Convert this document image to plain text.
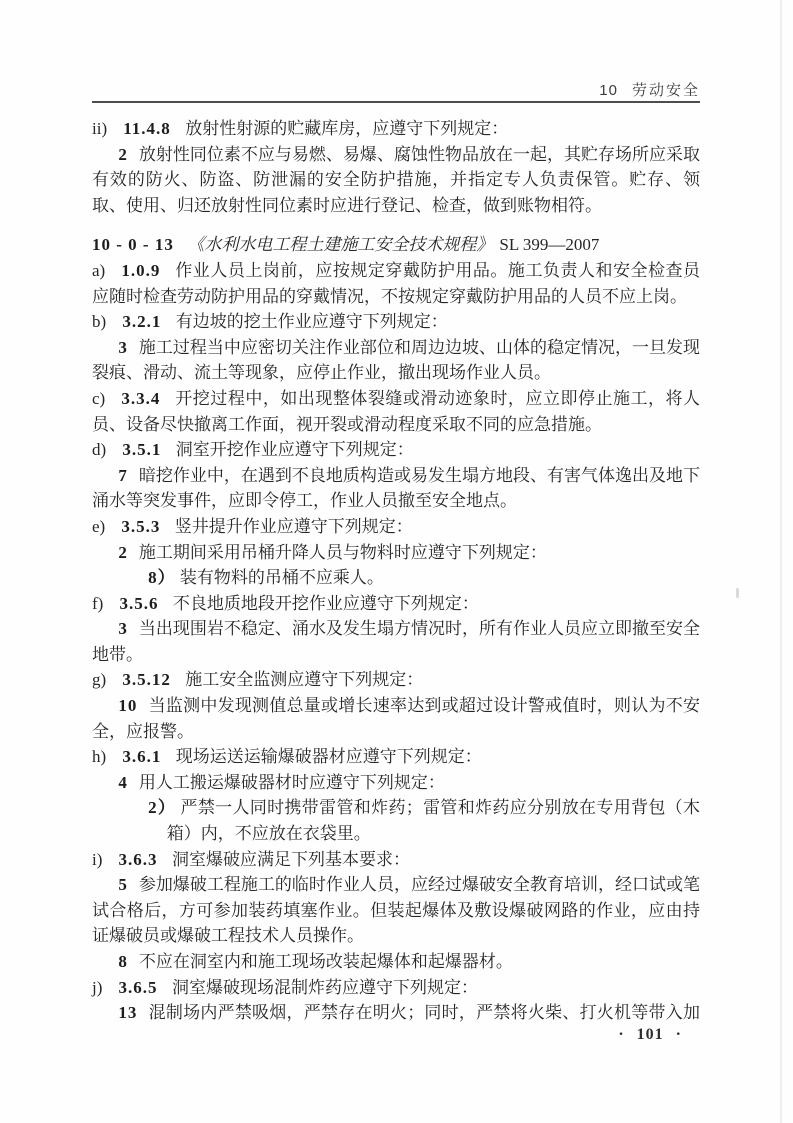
10 劳动安全

ii) 11.4.8 放射性射源的贮藏库房，应遵守下列规定：

2 放射性同位素不应与易燃、易爆、腐蚀性物品放在一起，其贮存场所应采取有效的防火、防盗、防泄漏的安全防护措施，并指定专人负责保管。贮存、领取、使用、归还放射性同位素时应进行登记、检查，做到账物相符。

10 - 0 - 13 《水利水电工程土建施工安全技术规程》 SL 399—2007

a) 1.0.9 作业人员上岗前，应按规定穿戴防护用品。施工负责人和安全检查员应随时检查劳动防护用品的穿戴情况，不按规定穿戴防护用品的人员不应上岗。

b) 3.2.1 有边坡的挖土作业应遵守下列规定：

3 施工过程当中应密切关注作业部位和周边边坡、山体的稳定情况，一旦发现裂痕、滑动、流土等现象，应停止作业，撤出现场作业人员。

c) 3.3.4 开挖过程中，如出现整体裂缝或滑动迹象时，应立即停止施工，将人员、设备尽快撤离工作面，视开裂或滑动程度采取不同的应急措施。

d) 3.5.1 洞室开挖作业应遵守下列规定：

7 暗挖作业中，在遇到不良地质构造或易发生塌方地段、有害气体逸出及地下涌水等突发事件，应即令停工，作业人员撤至安全地点。

e) 3.5.3 竖井提升作业应遵守下列规定：

2 施工期间采用吊桶升降人员与物料时应遵守下列规定：

8） 装有物料的吊桶不应乘人。

f) 3.5.6 不良地质地段开挖作业应遵守下列规定：

3 当出现围岩不稳定、涌水及发生塌方情况时，所有作业人员应立即撤至安全地带。

g) 3.5.12 施工安全监测应遵守下列规定：

10 当监测中发现测值总量或增长速率达到或超过设计警戒值时，则认为不安全，应报警。

h) 3.6.1 现场运送运输爆破器材应遵守下列规定：

4 用人工搬运爆破器材时应遵守下列规定：

2） 严禁一人同时携带雷管和炸药；雷管和炸药应分别放在专用背包（木箱）内，不应放在衣袋里。

i) 3.6.3 洞室爆破应满足下列基本要求：

5 参加爆破工程施工的临时作业人员，应经过爆破安全教育培训，经口试或笔试合格后，方可参加装药填塞作业。但装起爆体及敷设爆破网路的作业，应由持证爆破员或爆破工程技术人员操作。

8 不应在洞室内和施工现场改装起爆体和起爆器材。

j) 3.6.5 洞室爆破现场混制炸药应遵守下列规定：

13 混制场内严禁吸烟，严禁存在明火；同时，严禁将火柴、打火机等带入加

· 101 ·
